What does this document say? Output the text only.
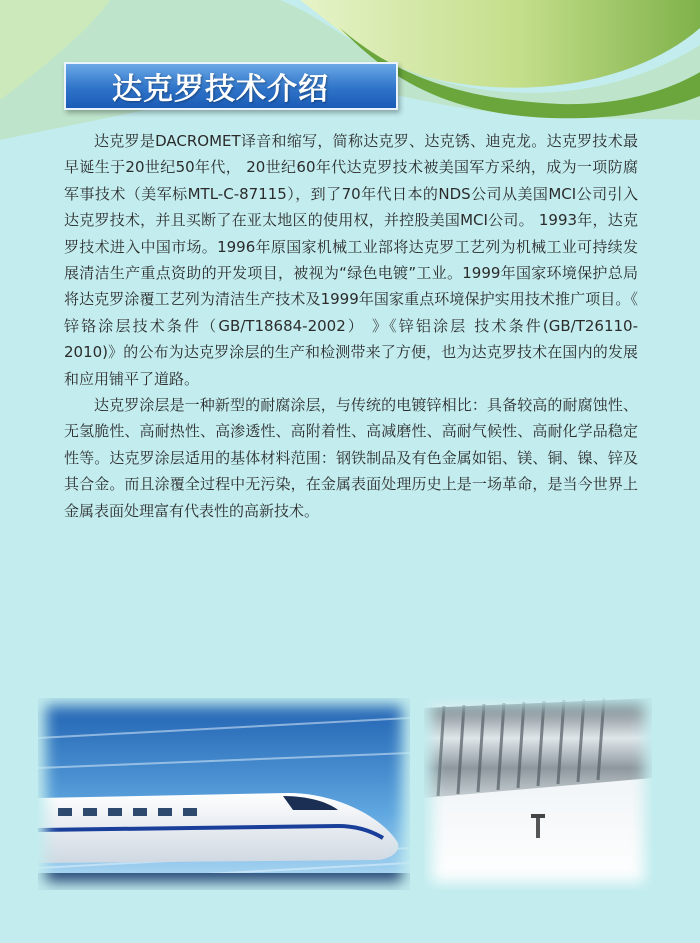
达克罗技术介绍

达克罗是DACROMET译音和缩写，简称达克罗、达克锈、迪克龙。达克罗技术最早诞生于20世纪50年代， 20世纪60年代达克罗技术被美国军方采纳，成为一项防腐军事技术（美军标MTL-C-87115），到了70年代日本的NDS公司从美国MCI公司引入达克罗技术，并且买断了在亚太地区的使用权，并控股美国MCI公司。 1993年，达克罗技术进入中国市场。1996年原国家机械工业部将达克罗工艺列为机械工业可持续发展清洁生产重点资助的开发项目，被视为“绿色电镀”工业。1999年国家环境保护总局将达克罗涂覆工艺列为清洁生产技术及1999年国家重点环境保护实用技术推广项目。《 锌铬涂层技术条件（GB/T18684-2002） 》《锌铝涂层 技术条件(GB/T26110-2010)》的公布为达克罗涂层的生产和检测带来了方便，也为达克罗技术在国内的发展和应用铺平了道路。

达克罗涂层是一种新型的耐腐涂层，与传统的电镀锌相比：具备较高的耐腐蚀性、无氢脆性、高耐热性、高渗透性、高附着性、高减磨性、高耐气候性、高耐化学品稳定性等。达克罗涂层适用的基体材料范围：钢铁制品及有色金属如铝、镁、铜、镍、锌及其合金。而且涂覆全过程中无污染，在金属表面处理历史上是一场革命，是当今世界上金属表面处理富有代表性的高新技术。
